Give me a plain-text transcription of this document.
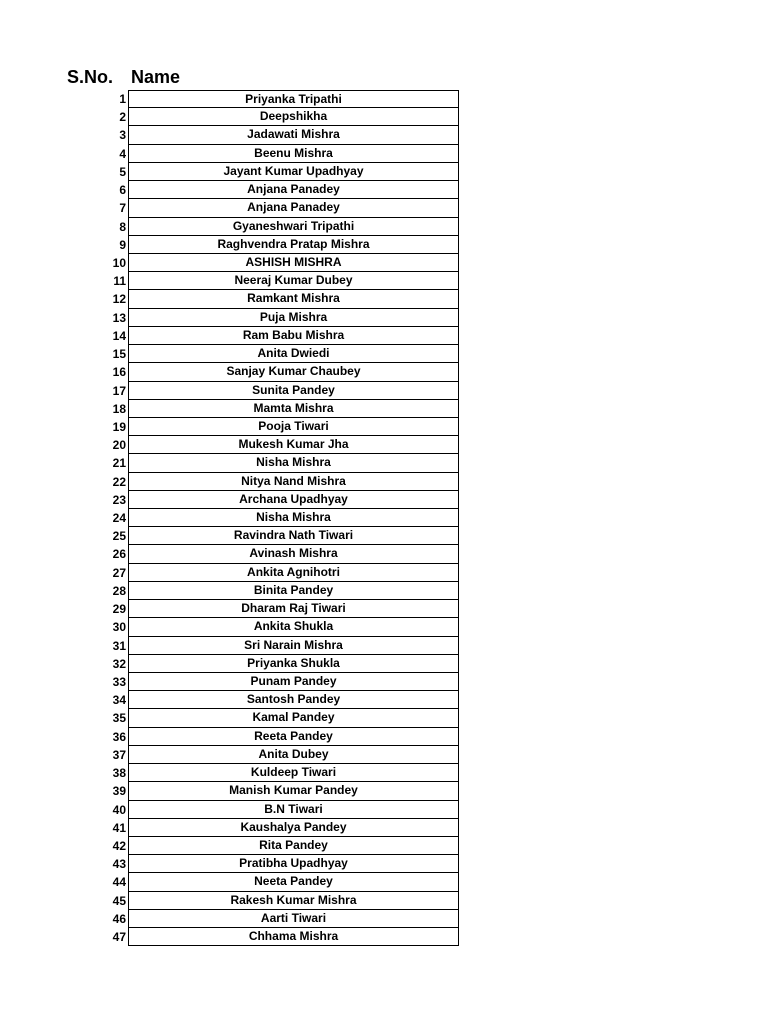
S.No. Name
1	Priyanka Tripathi
2	Deepshikha
3	Jadawati Mishra
4	Beenu Mishra
5	Jayant Kumar Upadhyay
6	Anjana Panadey
7	Anjana Panadey
8	Gyaneshwari Tripathi
9	Raghvendra Pratap Mishra
10	ASHISH MISHRA
11	Neeraj Kumar Dubey
12	Ramkant Mishra
13	Puja Mishra
14	Ram Babu Mishra
15	Anita Dwiedi
16	Sanjay Kumar Chaubey
17	Sunita Pandey
18	Mamta Mishra
19	Pooja Tiwari
20	Mukesh Kumar Jha
21	Nisha Mishra
22	Nitya Nand Mishra
23	Archana Upadhyay
24	Nisha Mishra
25	Ravindra Nath Tiwari
26	Avinash Mishra
27	Ankita Agnihotri
28	Binita Pandey
29	Dharam Raj Tiwari
30	Ankita Shukla
31	Sri Narain Mishra
32	Priyanka Shukla
33	Punam Pandey
34	Santosh Pandey
35	Kamal Pandey
36	Reeta Pandey
37	Anita Dubey
38	Kuldeep Tiwari
39	Manish Kumar Pandey
40	B.N Tiwari
41	Kaushalya Pandey
42	Rita Pandey
43	Pratibha Upadhyay
44	Neeta Pandey
45	Rakesh Kumar Mishra
46	Aarti Tiwari
47	Chhama Mishra
